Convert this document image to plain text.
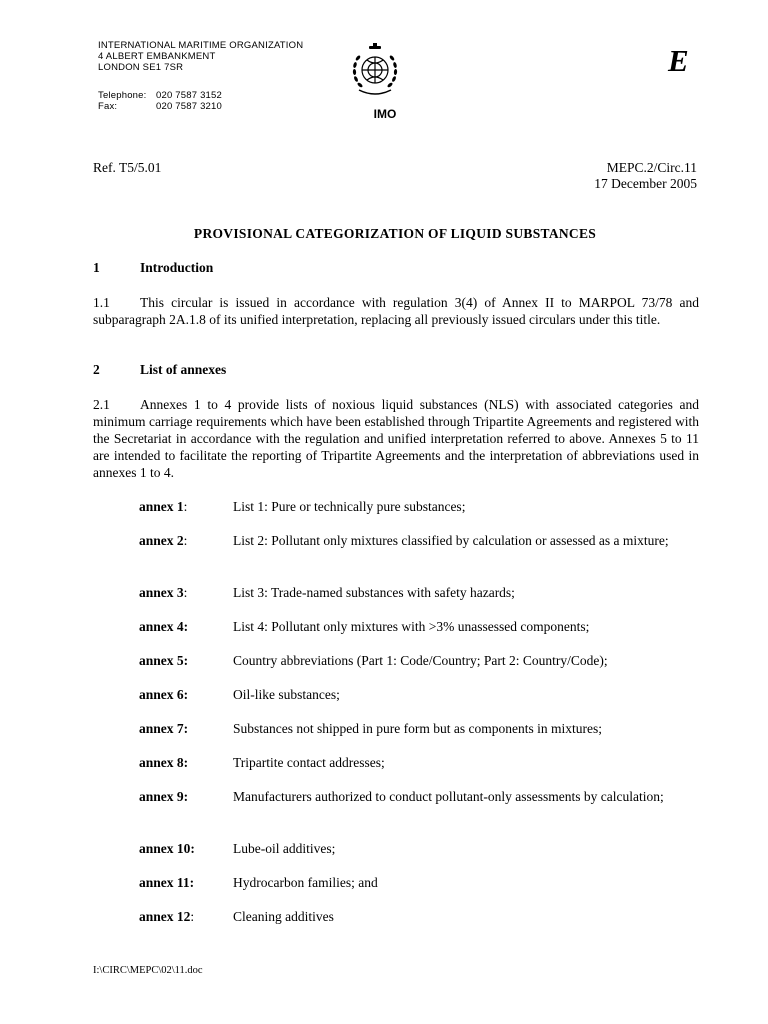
INTERNATIONAL MARITIME ORGANIZATION
4 ALBERT EMBANKMENT
LONDON SE1 7SR
Telephone:	020 7587 3152
Fax:	020 7587 3210
IMO
E
Ref. T5/5.01	MEPC.2/Circ.11
17 December 2005
PROVISIONAL CATEGORIZATION OF LIQUID SUBSTANCES
1	Introduction
1.1 This circular is issued in accordance with regulation 3(4) of Annex II to MARPOL 73/78 and subparagraph 2A.1.8 of its unified interpretation, replacing all previously issued circulars under this title.
2	List of annexes
2.1 Annexes 1 to 4 provide lists of noxious liquid substances (NLS) with associated categories and minimum carriage requirements which have been established through Tripartite Agreements and registered with the Secretariat in accordance with the regulation and unified interpretation referred to above. Annexes 5 to 11 are intended to facilitate the reporting of Tripartite Agreements and the interpretation of abbreviations used in annexes 1 to 4.
annex 1:	List 1: Pure or technically pure substances;
annex 2:	List 2: Pollutant only mixtures classified by calculation or assessed as a mixture;
annex 3:	List 3: Trade-named substances with safety hazards;
annex 4:	List 4: Pollutant only mixtures with >3% unassessed components;
annex 5:	Country abbreviations (Part 1: Code/Country; Part 2: Country/Code);
annex 6:	Oil-like substances;
annex 7:	Substances not shipped in pure form but as components in mixtures;
annex 8:	Tripartite contact addresses;
annex 9:	Manufacturers authorized to conduct pollutant-only assessments by calculation;
annex 10:	Lube-oil additives;
annex 11:	Hydrocarbon families; and
annex 12:	Cleaning additives
I:\CIRC\MEPC\02\11.doc
